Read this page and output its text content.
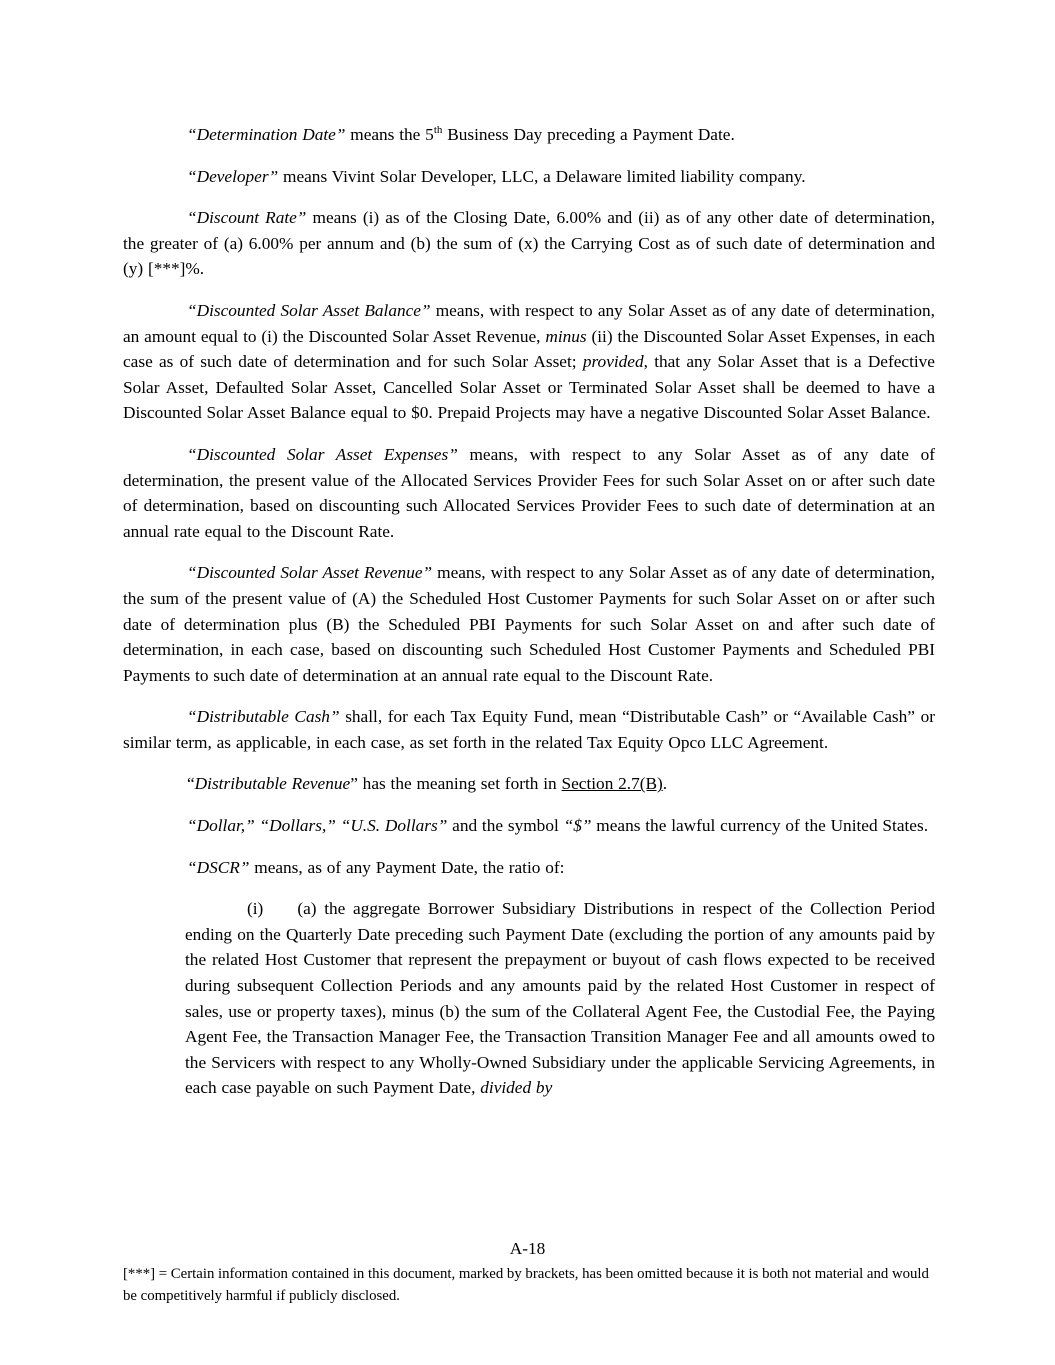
“Determination Date” means the 5th Business Day preceding a Payment Date.

“Developer” means Vivint Solar Developer, LLC, a Delaware limited liability company.

“Discount Rate” means (i) as of the Closing Date, 6.00% and (ii) as of any other date of determination, the greater of (a) 6.00% per annum and (b) the sum of (x) the Carrying Cost as of such date of determination and (y) [***]%.

“Discounted Solar Asset Balance” means, with respect to any Solar Asset as of any date of determination, an amount equal to (i) the Discounted Solar Asset Revenue, minus (ii) the Discounted Solar Asset Expenses, in each case as of such date of determination and for such Solar Asset; provided, that any Solar Asset that is a Defective Solar Asset, Defaulted Solar Asset, Cancelled Solar Asset or Terminated Solar Asset shall be deemed to have a Discounted Solar Asset Balance equal to $0. Prepaid Projects may have a negative Discounted Solar Asset Balance.

“Discounted Solar Asset Expenses” means, with respect to any Solar Asset as of any date of determination, the present value of the Allocated Services Provider Fees for such Solar Asset on or after such date of determination, based on discounting such Allocated Services Provider Fees to such date of determination at an annual rate equal to the Discount Rate.

“Discounted Solar Asset Revenue” means, with respect to any Solar Asset as of any date of determination, the sum of the present value of (A) the Scheduled Host Customer Payments for such Solar Asset on or after such date of determination plus (B) the Scheduled PBI Payments for such Solar Asset on and after such date of determination, in each case, based on discounting such Scheduled Host Customer Payments and Scheduled PBI Payments to such date of determination at an annual rate equal to the Discount Rate.

“Distributable Cash” shall, for each Tax Equity Fund, mean “Distributable Cash” or “Available Cash” or similar term, as applicable, in each case, as set forth in the related Tax Equity Opco LLC Agreement.

“Distributable Revenue” has the meaning set forth in Section 2.7(B).

“Dollar,” “Dollars,” “U.S. Dollars” and the symbol “$” means the lawful currency of the United States.

“DSCR” means, as of any Payment Date, the ratio of:

(i) (a) the aggregate Borrower Subsidiary Distributions in respect of the Collection Period ending on the Quarterly Date preceding such Payment Date (excluding the portion of any amounts paid by the related Host Customer that represent the prepayment or buyout of cash flows expected to be received during subsequent Collection Periods and any amounts paid by the related Host Customer in respect of sales, use or property taxes), minus (b) the sum of the Collateral Agent Fee, the Custodial Fee, the Paying Agent Fee, the Transaction Manager Fee, the Transaction Transition Manager Fee and all amounts owed to the Servicers with respect to any Wholly-Owned Subsidiary under the applicable Servicing Agreements, in each case payable on such Payment Date, divided by

A-18
[***] = Certain information contained in this document, marked by brackets, has been omitted because it is both not material and would be competitively harmful if publicly disclosed.
